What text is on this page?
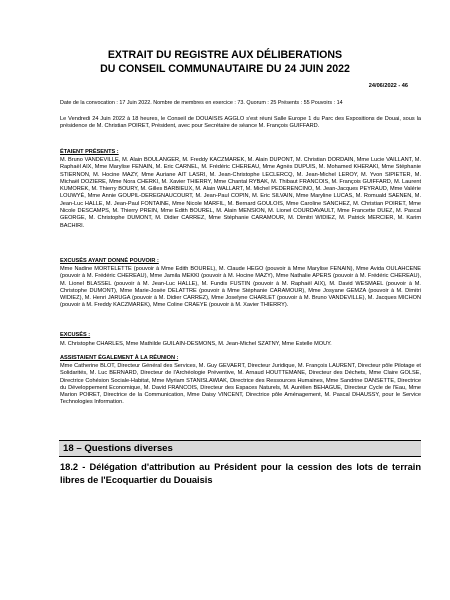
EXTRAIT DU REGISTRE AUX DÉLIBERATIONS
DU CONSEIL COMMUNAUTAIRE DU 24 JUIN 2022
24/06/2022 - 46
Date de la convocation : 17 Juin 2022. Nombre de membres en exercice : 73. Quorum : 25 Présents : 55 Pouvoirs : 14
Le Vendredi 24 Juin 2022 à 18 heures, le Conseil de DOUAISIS AGGLO s'est réuni Salle Europe 1 du Parc des Expositions de Douai, sous la présidence de M. Christian POIRET, Président, avec pour Secrétaire de séance M. François GUIFFARD.
ÉTAIENT PRÉSENTS :
M. Bruno VANDEVILLE, M. Alain BOULANGER, M. Freddy KACZMAREK, M. Alain DUPONT, M. Christian DORDAIN, Mme Lucie VAILLANT, M. Raphaël AIX, Mme Marylise FENAIN, M. Eric CARNEL, M. Frédéric CHEREAU, Mme Agnès DUPUIS, M. Mohamed KHERAKI, Mme Stéphanie STIERNON, M. Hocine MAZY, Mme Auriane AIT LASRI, M. Jean-Christophe LECLERCQ, M. Jean-Michel LEROY, M. Yvon SIPIETER, M. Michaël DOZIERE, Mme Nora CHERKI, M. Xavier THIERRY, Mme Chantal RYBAK, M. Thibaut FRANCOIS, M. François GUIFFARD, M. Laurent KUMOREK, M. Thierry BOURY, M. Gilles BARBIEUX, M. Alain WALLART, M. Michel PEDERENCINO, M. Jean-Jacques PEYRAUD, Mme Valérie LOUWYÉ, Mme Annie GOUPIL-DEREGNAUCOURT, M. Jean-Paul COPIN, M. Eric SILVAIN, Mme Maryline LUCAS, M. Romuald SAENEN, M. Jean-Luc HALLE, M. Jean-Paul FONTAINE, Mme Nicole MARFIL, M. Bernard GOULOIS, Mme Caroline SANCHEZ, M. Christian POIRET, Mme Nicole DESCAMPS, M. Thierry PREIN, Mme Edith BOUREL, M. Alain MENSION, M. Lionel COURDAVAULT, Mme Francette DUEZ, M. Pascal GEORGE, M. Christophe DUMONT, M. Didier CARREZ, Mme Stéphanie CARAMOUR, M. Dimitri WIDIEZ, M. Patrick MERCIER, M. Karim BACHIRI.
EXCUSÉS AYANT DONNÉ POUVOIR :
Mme Nadine MORTELETTE (pouvoir à Mme Edith BOUREL), M. Claude HEGO (pouvoir à Mme Marylise FENAIN), Mme Avida OULAHCENE (pouvoir à M. Frédéric CHEREAU), Mme Jamila MEKKI (pouvoir à M. Hocine MAZY), Mme Nathalie APERS (pouvoir à M. Frédéric CHEREAU), M. Lionel BLASSEL (pouvoir à M. Jean-Luc HALLE), M. Fundis FUSTIN (pouvoir à M. Raphaël AIX), M. David WESMAEL (pouvoir à M. Christophe DUMONT), Mme Marie-Josée DELATTRE (pouvoir à Mme Stéphanie CARAMOUR), Mme Josyane GEMZA (pouvoir à M. Dimitri WIDIEZ), M. Henri JARUGA (pouvoir à M. Didier CARREZ), Mme Joselyne CHARLET (pouvoir à M. Bruno VANDEVILLE), M. Jacques MICHON (pouvoir à M. Freddy KACZMAREK), Mme Coline CRAEYE (pouvoir à M. Xavier THIERRY).
EXCUSÉS :
M. Christophe CHARLES, Mme Mathilde GUILAIN-DESMONS, M. Jean-Michel SZATNY, Mme Estelle MOUY.
ASSISTAIENT ÉGALEMENT À LA RÉUNION :
Mme Catherine BLOT, Directeur Général des Services, M. Guy GEVAERT, Directeur Juridique, M. François LAURENT, Directeur pôle Pilotage et Solidarités, M. Luc BERNARD, Directeur de l'Archéologie Préventive, M. Arnaud HOUTTEMANE, Directeur des Déchets, Mme Claire GOLSE, Directrice Cohésion Sociale-Habitat, Mme Myriam STANISLAWIAK, Directrice des Ressources Humaines, Mme Sandrine DANSETTE, Directrice du Développement Economique, M. David FRANCOIS, Directeur des Espaces Naturels, M. Aurélien BEHAGUE, Directeur Cycle de l'Eau, Mme Marion POIRET, Directrice de la Communication, Mme Daisy VINCENT, Directrice pôle Aménagement, M. Pascal DHAUSSY, pour le Service Technologies Information.
18 – Questions diverses
18.2 - Délégation d'attribution au Président pour la cession des lots de terrain libres de l'Ecoquartier du Douaisis
